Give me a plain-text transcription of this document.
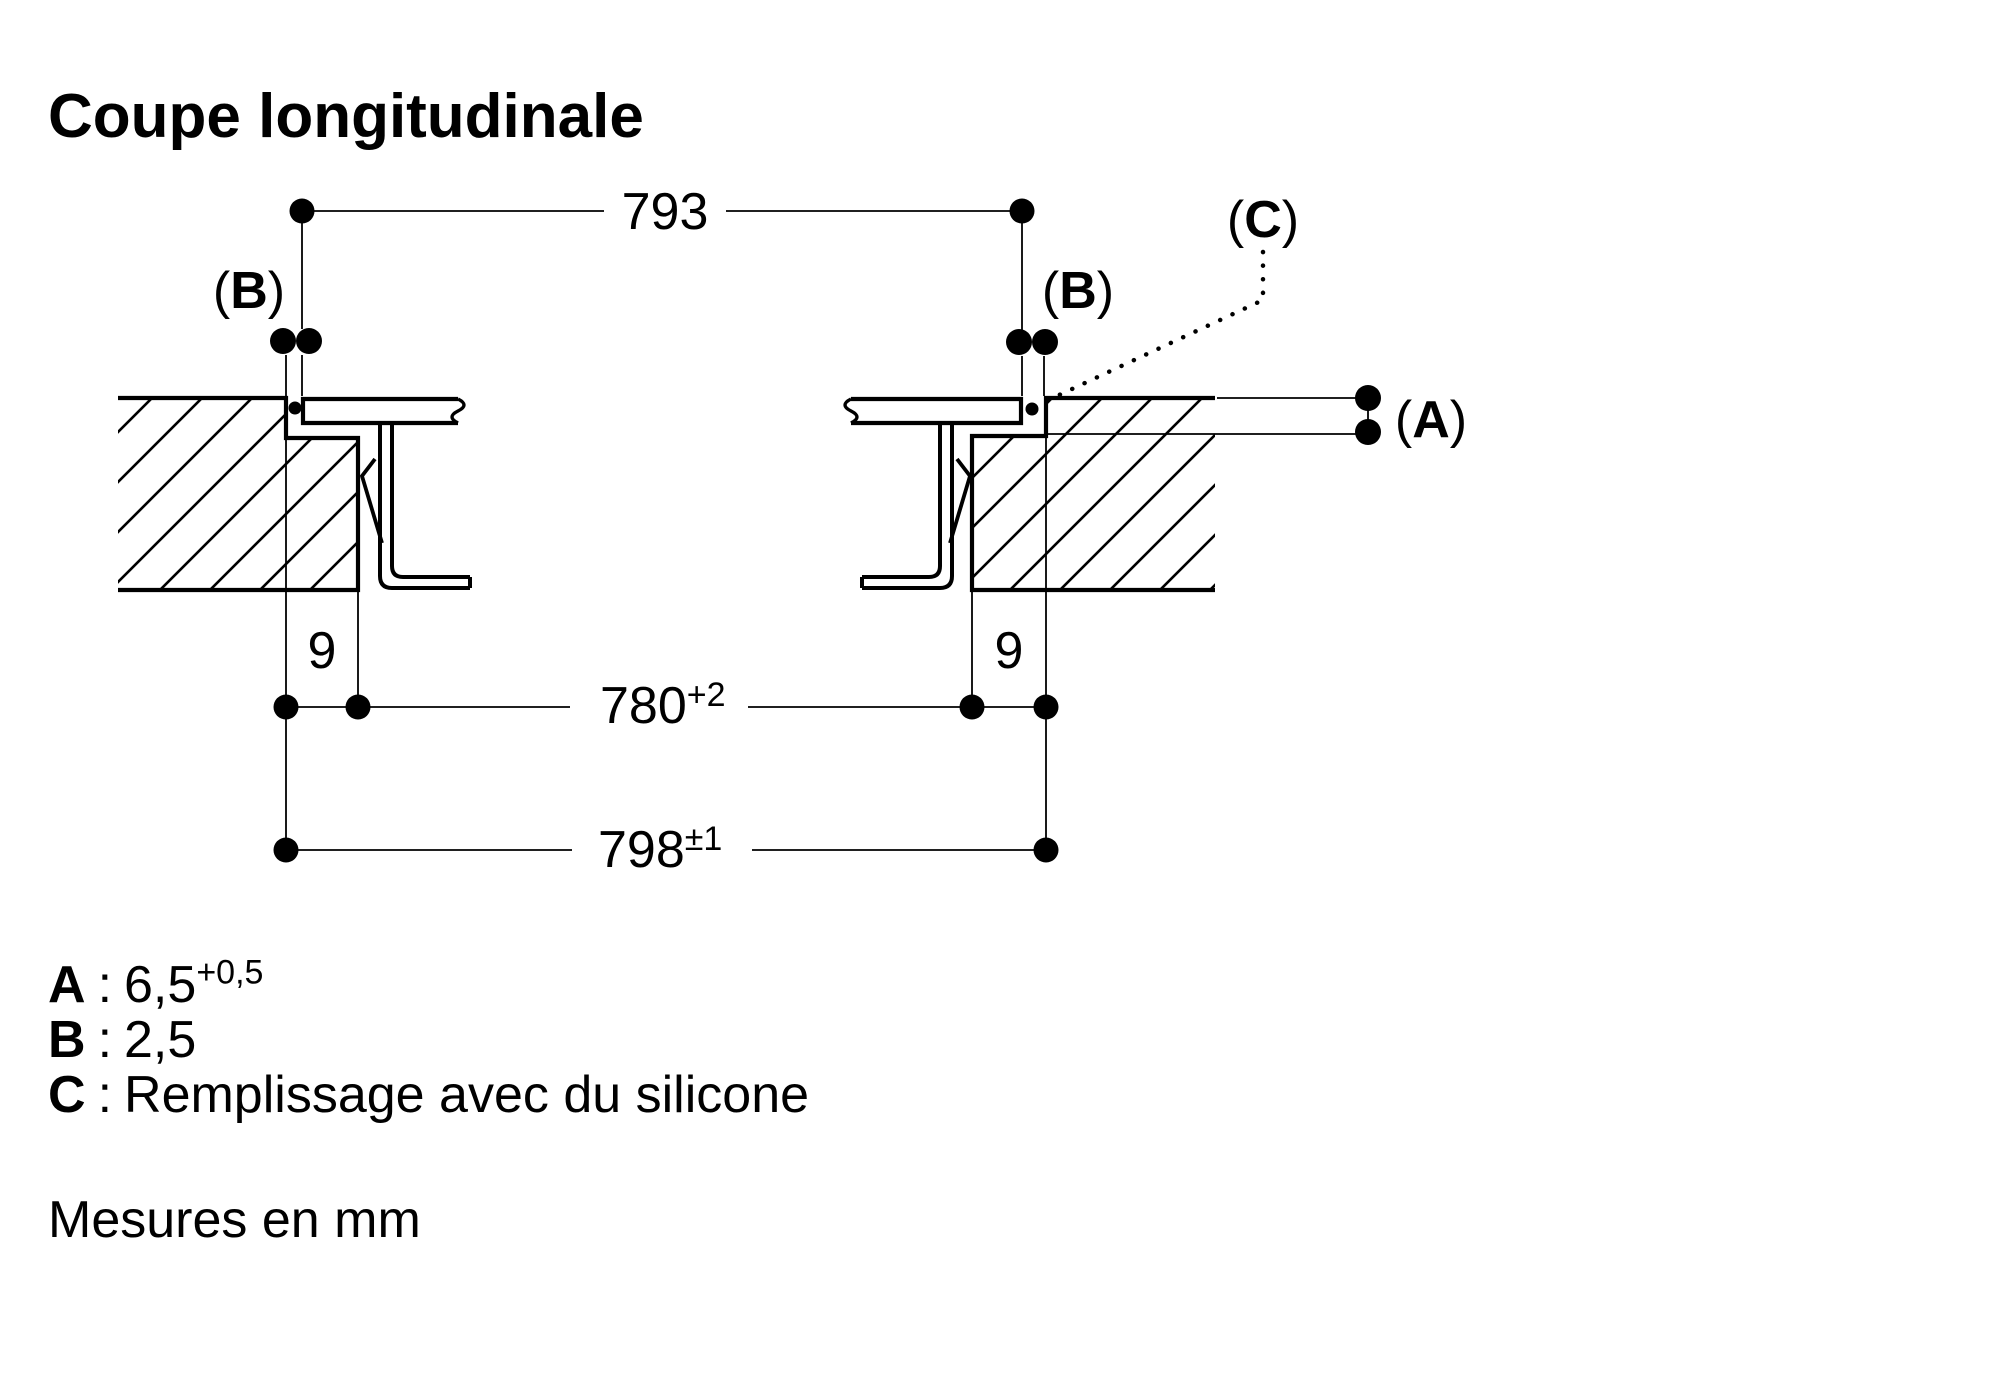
Coupe longitudinale
793
(B)	(B)
(C)
(A)
$780^{+2}$
$798^{\pm 1}$
9	9
A : $6,5^{+0,5}$
B : 2,5
C : Remplissage avec du silicone
Mesures en mm
